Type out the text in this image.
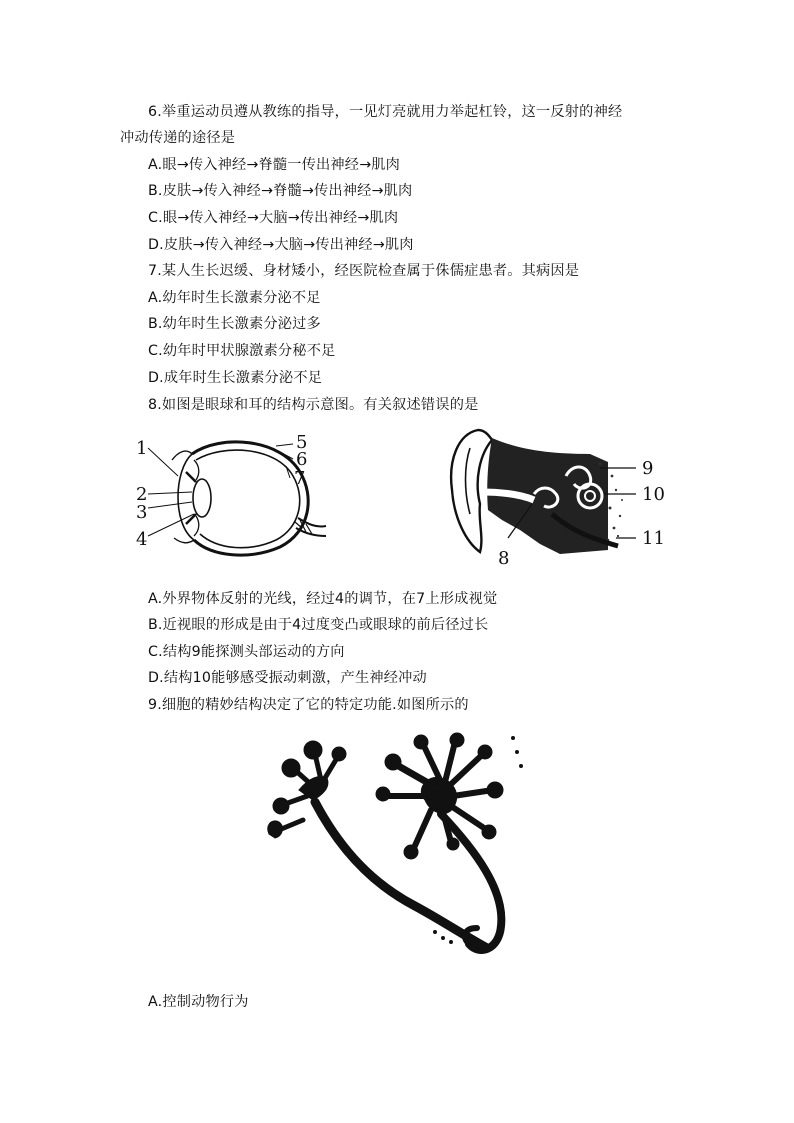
6.举重运动员遵从教练的指导，一见灯亮就用力举起杠铃，这一反射的神经
冲动传递的途径是
A.眼→传入神经→脊髓一传出神经→肌肉
B.皮肤→传入神经→脊髓→传出神经→肌肉
C.眼→传入神经→大脑→传出神经→肌肉
D.皮肤→传入神经→大脑→传出神经→肌肉
7.某人生长迟缓、身材矮小，经医院检查属于侏儒症患者。其病因是
A.幼年时生长激素分泌不足
B.幼年时生长激素分泌过多
C.幼年时甲状腺激素分秘不足
D.成年时生长激素分泌不足
8.如图是眼球和耳的结构示意图。有关叙述错误的是
1
2
3
4
5
6
7	9
10
11
8
A.外界物体反射的光线，经过4的调节，在7上形成视觉
B.近视眼的形成是由于4过度变凸或眼球的前后径过长
C.结构9能探测头部运动的方向
D.结构10能够感受振动刺激，产生神经冲动
9.细胞的精妙结构决定了它的特定功能.如图所示的
A.控制动物行为
